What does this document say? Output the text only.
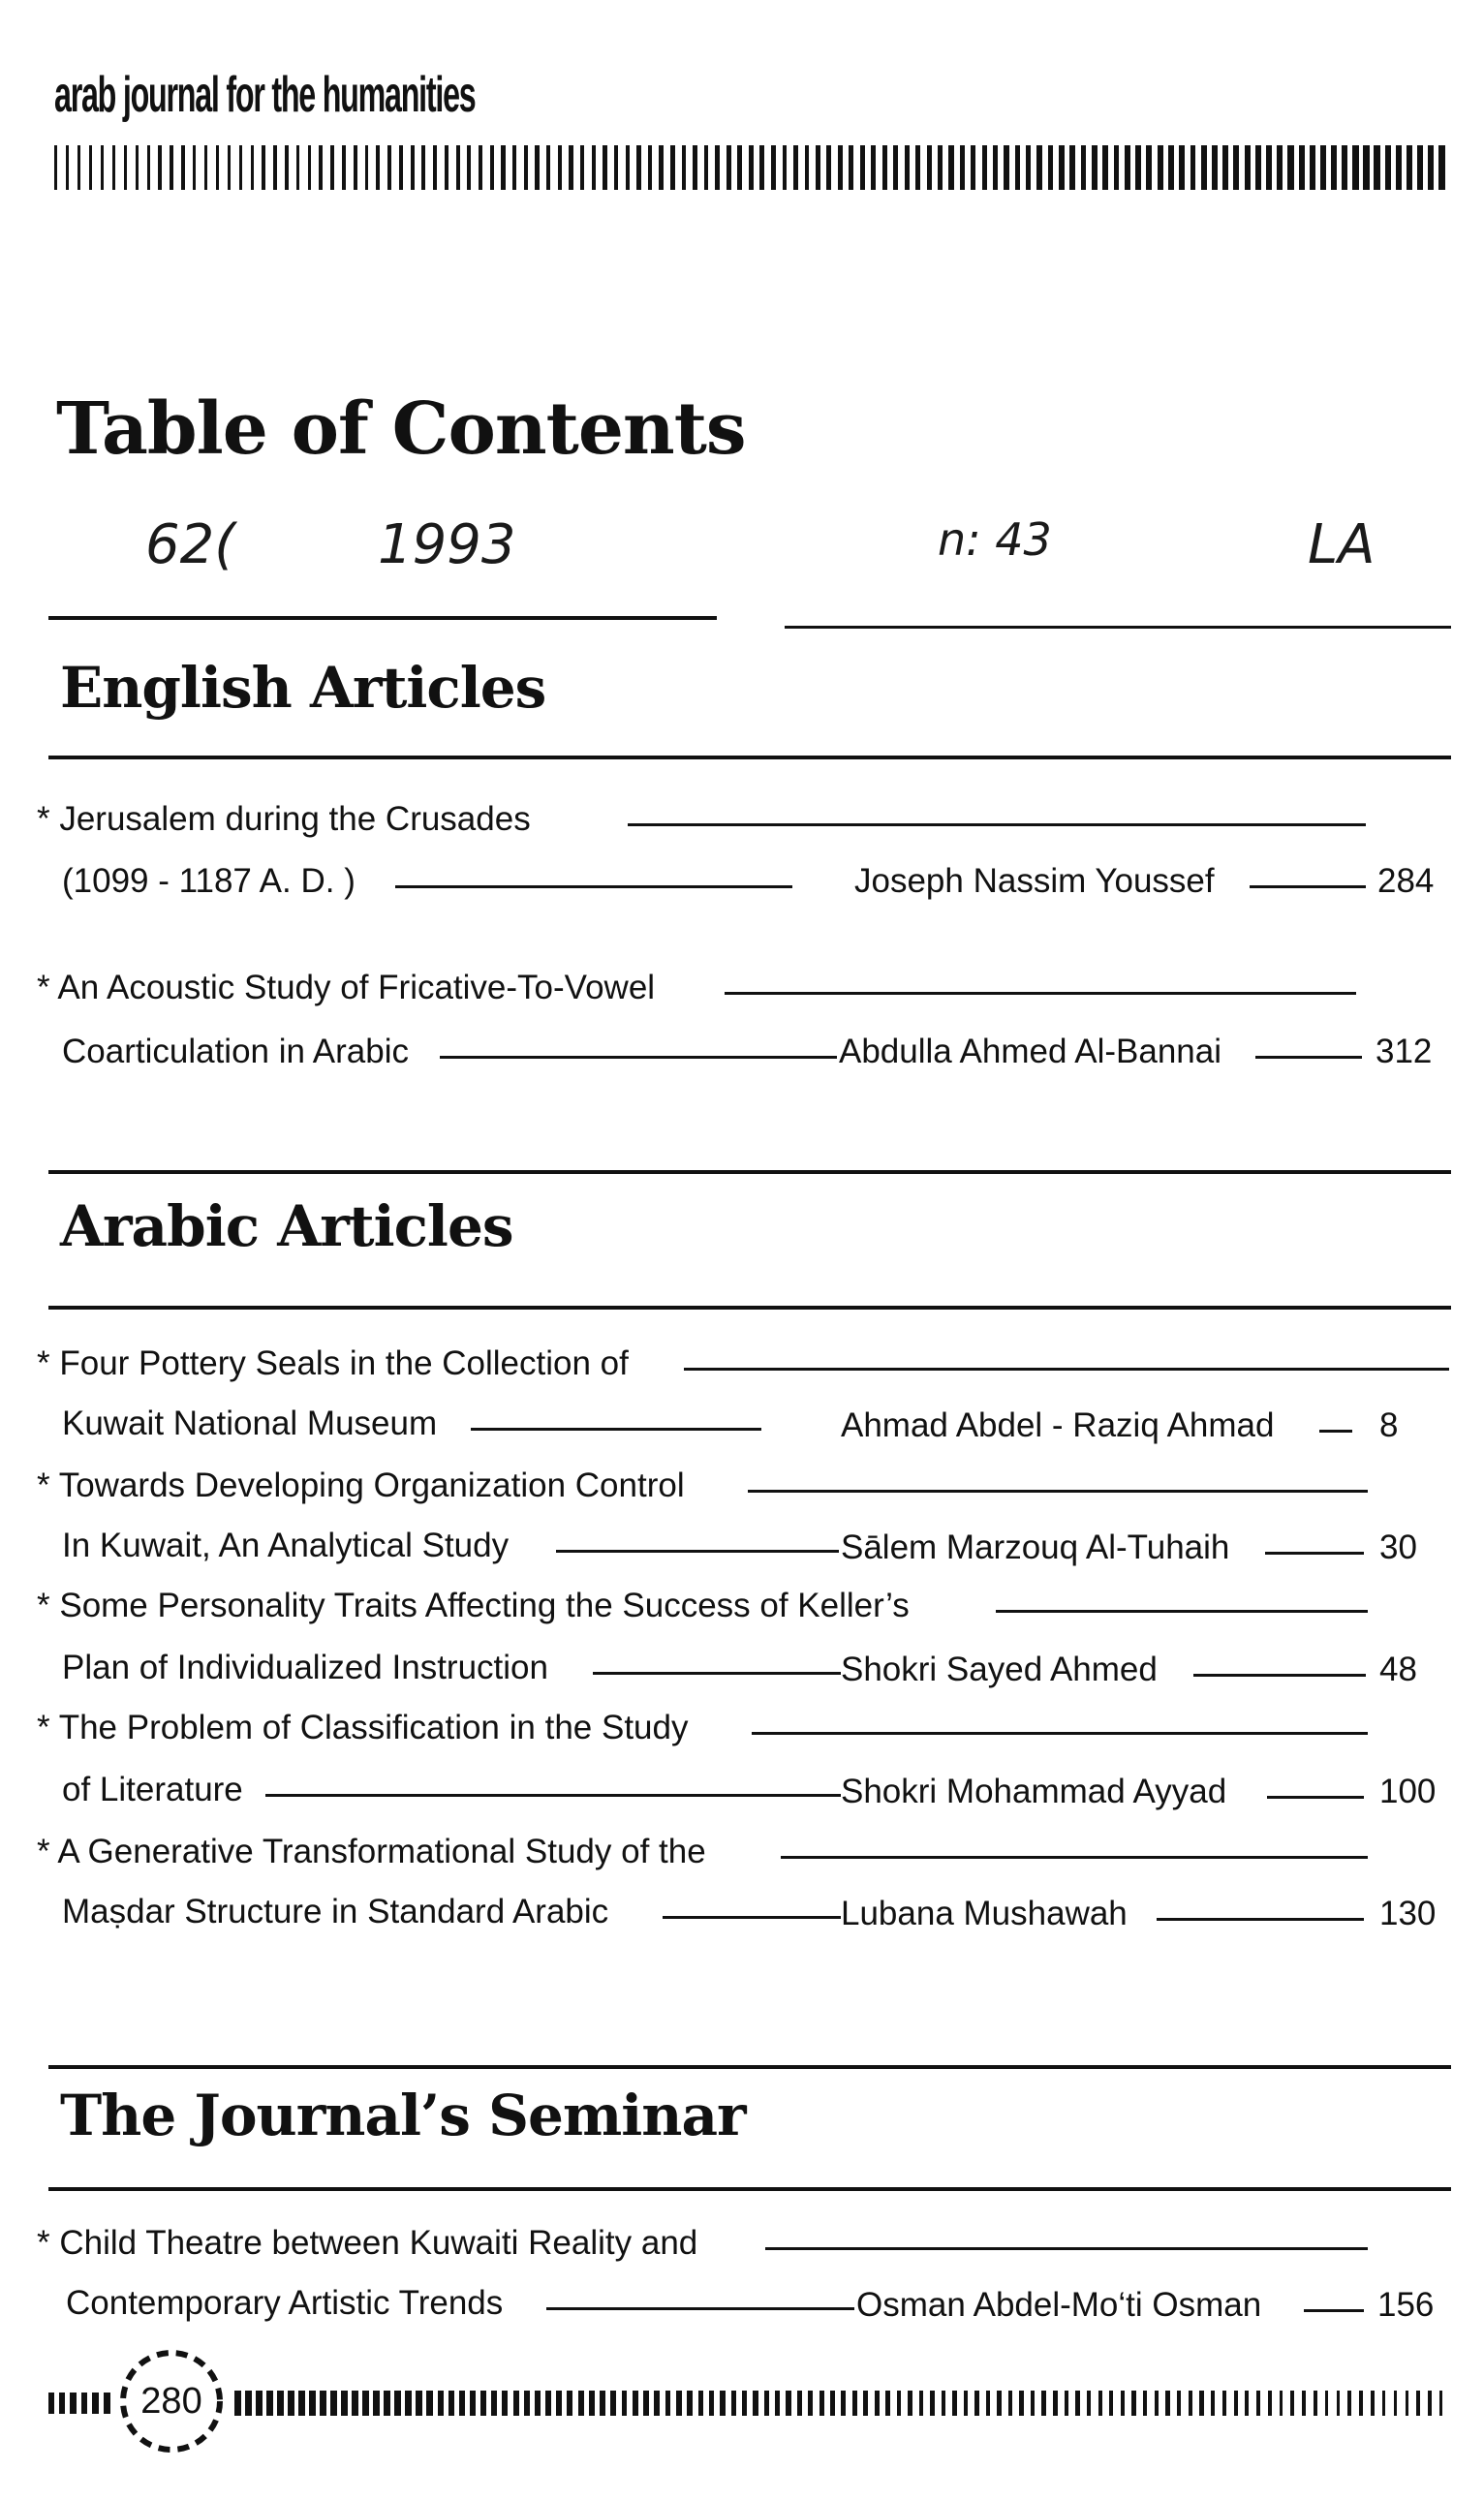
arab journal for the humanities
Table of Contents
62(	1993	n: 43	LA
English Articles
* Jerusalem during the Crusades
(1099 - 1187 A. D. )	Joseph Nassim Youssef	284
* An Acoustic Study of Fricative-To-Vowel
Coarticulation in Arabic	Abdulla Ahmed Al-Bannai	312
Arabic Articles
* Four Pottery Seals in the Collection of
Kuwait National Museum	Ahmad Abdel - Raziq Ahmad	8
* Towards Developing Organization Control
In Kuwait, An Analytical Study	Sālem Marzouq Al-Tuhaih	30
* Some Personality Traits Affecting the Success of Keller’s
Plan of Individualized Instruction	Shokri Sayed Ahmed	48
* The Problem of Classification in the Study
of Literature	Shokri Mohammad Ayyad	100
* A Generative Transformational Study of the
Maṣdar Structure in Standard Arabic	Lubana Mushawah	130
The Journal’s Seminar
* Child Theatre between Kuwaiti Reality and
Contemporary Artistic Trends	Osman Abdel-Mo‘ti Osman	156
280
